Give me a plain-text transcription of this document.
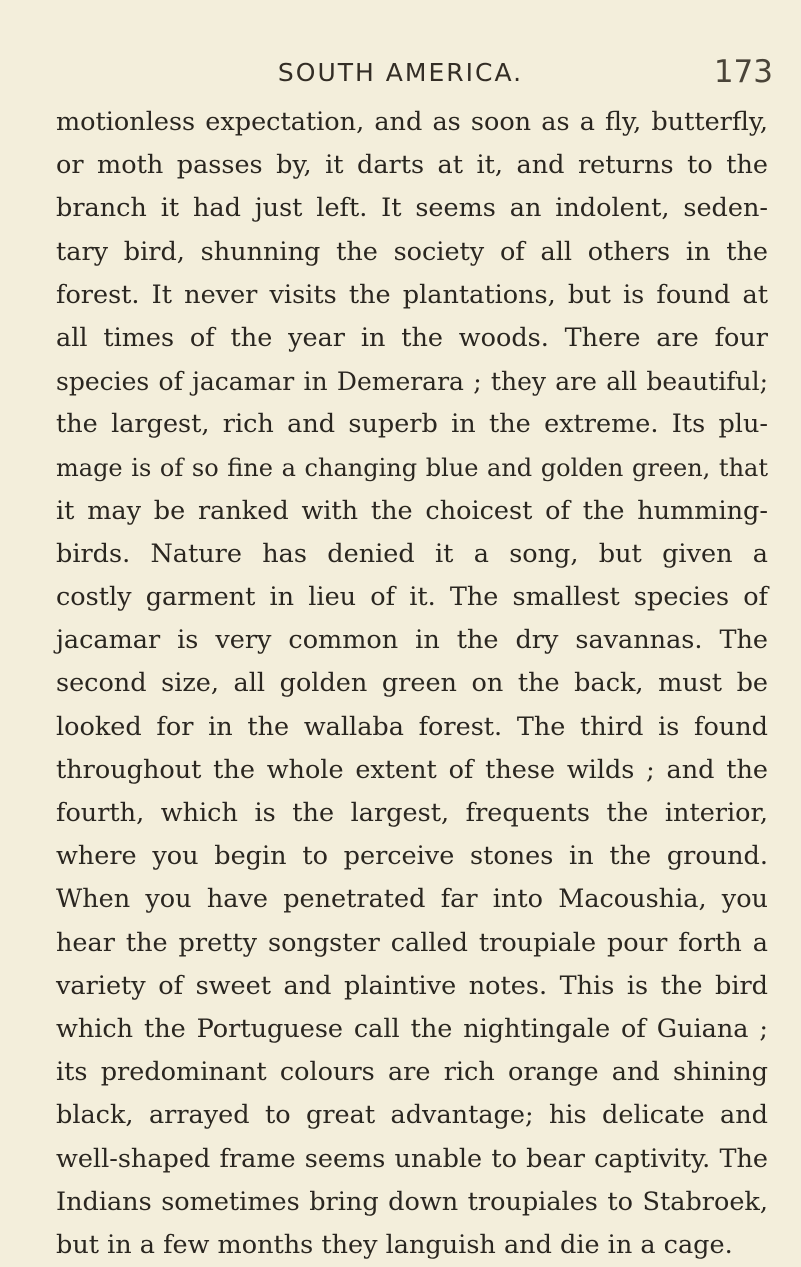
SOUTH AMERICA.	173
motionless expectation, and as soon as a fly, butterfly,
or moth passes by, it darts at it, and returns to the
branch it had just left. It seems an indolent, seden-
tary bird, shunning the society of all others in the
forest. It never visits the plantations, but is found at
all times of the year in the woods. There are four
species of jacamar in Demerara ; they are all beautiful;
the largest, rich and superb in the extreme. Its plu-
mage is of so fine a changing blue and golden green, that
it may be ranked with the choicest of the humming-
birds. Nature has denied it a song, but given a
costly garment in lieu of it. The smallest species of
jacamar is very common in the dry savannas. The
second size, all golden green on the back, must be
looked for in the wallaba forest. The third is found
throughout the whole extent of these wilds ; and the
fourth, which is the largest, frequents the interior,
where you begin to perceive stones in the ground.
When you have penetrated far into Macoushia, you
hear the pretty songster called troupiale pour forth a
variety of sweet and plaintive notes. This is the bird
which the Portuguese call the nightingale of Guiana ;
its predominant colours are rich orange and shining
black, arrayed to great advantage; his delicate and
well-shaped frame seems unable to bear captivity. The
Indians sometimes bring down troupiales to Stabroek,
but in a few months they languish and die in a cage.
